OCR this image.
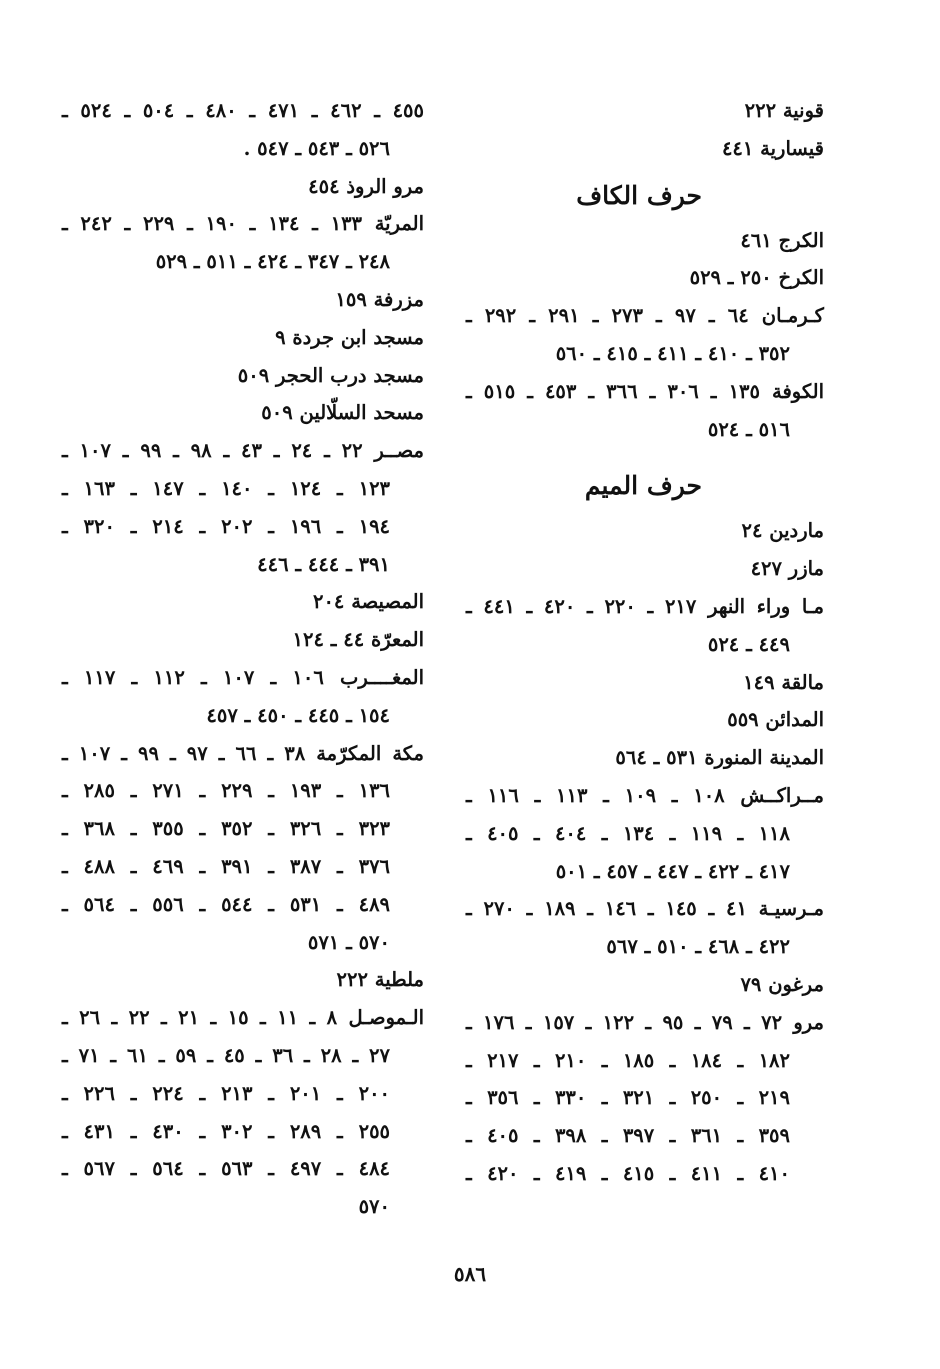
قونية ٢٢٢
قيسارية ٤٤١
حرف الكاف
الكرج ٤٦١
الكرخ ٢٥٠ ـ ٥٢٩
كـرمـان ٦٤ ـ ٩٧ ـ ٢٧٣ ـ ٢٩١ ـ ٢٩٢ ـ
٣٥٢ ـ ٤١٠ ـ ٤١١ ـ ٤١٥ ـ ٥٦٠
الكوفة ١٣٥ ـ ٣٠٦ ـ ٣٦٦ ـ ٤٥٣ ـ ٥١٥ ـ
٥١٦ ـ ٥٢٤
حرف الميم
ماردين ٢٤
مازر ٤٢٧
مـا وراء النهر ٢١٧ ـ ٢٢٠ ـ ٤٢٠ ـ ٤٤١ ـ
٤٤٩ ـ ٥٢٤
مالقة ١٤٩
المدائن ٥٥٩
المدينة المنورة ٥٣١ ـ ٥٦٤
مــراكــش ١٠٨ ـ ١٠٩ ـ ١١٣ ـ ١١٦ ـ
١١٨ ـ ١١٩ ـ ١٣٤ ـ ٤٠٤ ـ ٤٠٥ ـ
٤١٧ ـ ٤٢٢ ـ ٤٤٧ ـ ٤٥٧ ـ ٥٠١
مـرسيـة ٤١ ـ ١٤٥ ـ ١٤٦ ـ ١٨٩ ـ ٢٧٠ ـ
٤٢٢ ـ ٤٦٨ ـ ٥١٠ ـ ٥٦٧
مرغون ٧٩
مرو ٧٢ ـ ٧٩ ـ ٩٥ ـ ١٢٢ ـ ١٥٧ ـ ١٧٦ ـ
١٨٢ ـ ١٨٤ ـ ١٨٥ ـ ٢١٠ ـ ٢١٧ ـ
٢١٩ ـ ٢٥٠ ـ ٣٢١ ـ ٣٣٠ ـ ٣٥٦ ـ
٣٥٩ ـ ٣٦١ ـ ٣٩٧ ـ ٣٩٨ ـ ٤٠٥ ـ
٤١٠ ـ ٤١١ ـ ٤١٥ ـ ٤١٩ ـ ٤٢٠ ـ
٤٥٥ ـ ٤٦٢ ـ ٤٧١ ـ ٤٨٠ ـ ٥٠٤ ـ ٥٢٤ ـ
٥٢٦ ـ ٥٤٣ ـ ٥٤٧ .
مرو الروذ ٤٥٤
المريّة ١٣٣ ـ ١٣٤ ـ ١٩٠ ـ ٢٢٩ ـ ٢٤٢ ـ
٢٤٨ ـ ٣٤٧ ـ ٤٢٤ ـ ٥١١ ـ ٥٢٩
مزرفة ١٥٩
مسجد ابن جردة ٩
مسجد درب الحجر ٥٠٩
مسحد السلّالين ٥٠٩
مصــر ٢٢ ـ ٢٤ ـ ٤٣ ـ ٩٨ ـ ٩٩ ـ ١٠٧ ـ
١٢٣ ـ ١٢٤ ـ ١٤٠ ـ ١٤٧ ـ ١٦٣ ـ
١٩٤ ـ ١٩٦ ـ ٢٠٢ ـ ٢١٤ ـ ٣٢٠ ـ
٣٩١ ـ ٤٤٤ ـ ٤٤٦
المصيصة ٢٠٤
المعرّة ٤٤ ـ ١٢٤
المغــــرب ١٠٦ ـ ١٠٧ ـ ١١٢ ـ ١١٧ ـ
١٥٤ ـ ٤٤٥ ـ ٤٥٠ ـ ٤٥٧
مكة المكرّمة ٣٨ ـ ٦٦ ـ ٩٧ ـ ٩٩ ـ ١٠٧ ـ
١٣٦ ـ ١٩٣ ـ ٢٢٩ ـ ٢٧١ ـ ٢٨٥ ـ
٣٢٣ ـ ٣٢٦ ـ ٣٥٢ ـ ٣٥٥ ـ ٣٦٨ ـ
٣٧٦ ـ ٣٨٧ ـ ٣٩١ ـ ٤٦٩ ـ ٤٨٨ ـ
٤٨٩ ـ ٥٣١ ـ ٥٤٤ ـ ٥٥٦ ـ ٥٦٤ ـ
٥٧٠ ـ ٥٧١
ملطية ٢٢٢
الـموصـل ٨ ـ ١١ ـ ١٥ ـ ٢١ ـ ٢٢ ـ ٢٦ ـ
٢٧ ـ ٢٨ ـ ٣٦ ـ ٤٥ ـ ٥٩ ـ ٦١ ـ ٧١ ـ
٢٠٠ ـ ٢٠١ ـ ٢١٣ ـ ٢٢٤ ـ ٢٢٦ ـ
٢٥٥ ـ ٢٨٩ ـ ٣٠٢ ـ ٤٣٠ ـ ٤٣١ ـ
٤٨٤ ـ ٤٩٧ ـ ٥٦٣ ـ ٥٦٤ ـ ٥٦٧ ـ
٥٧٠
٥٨٦
